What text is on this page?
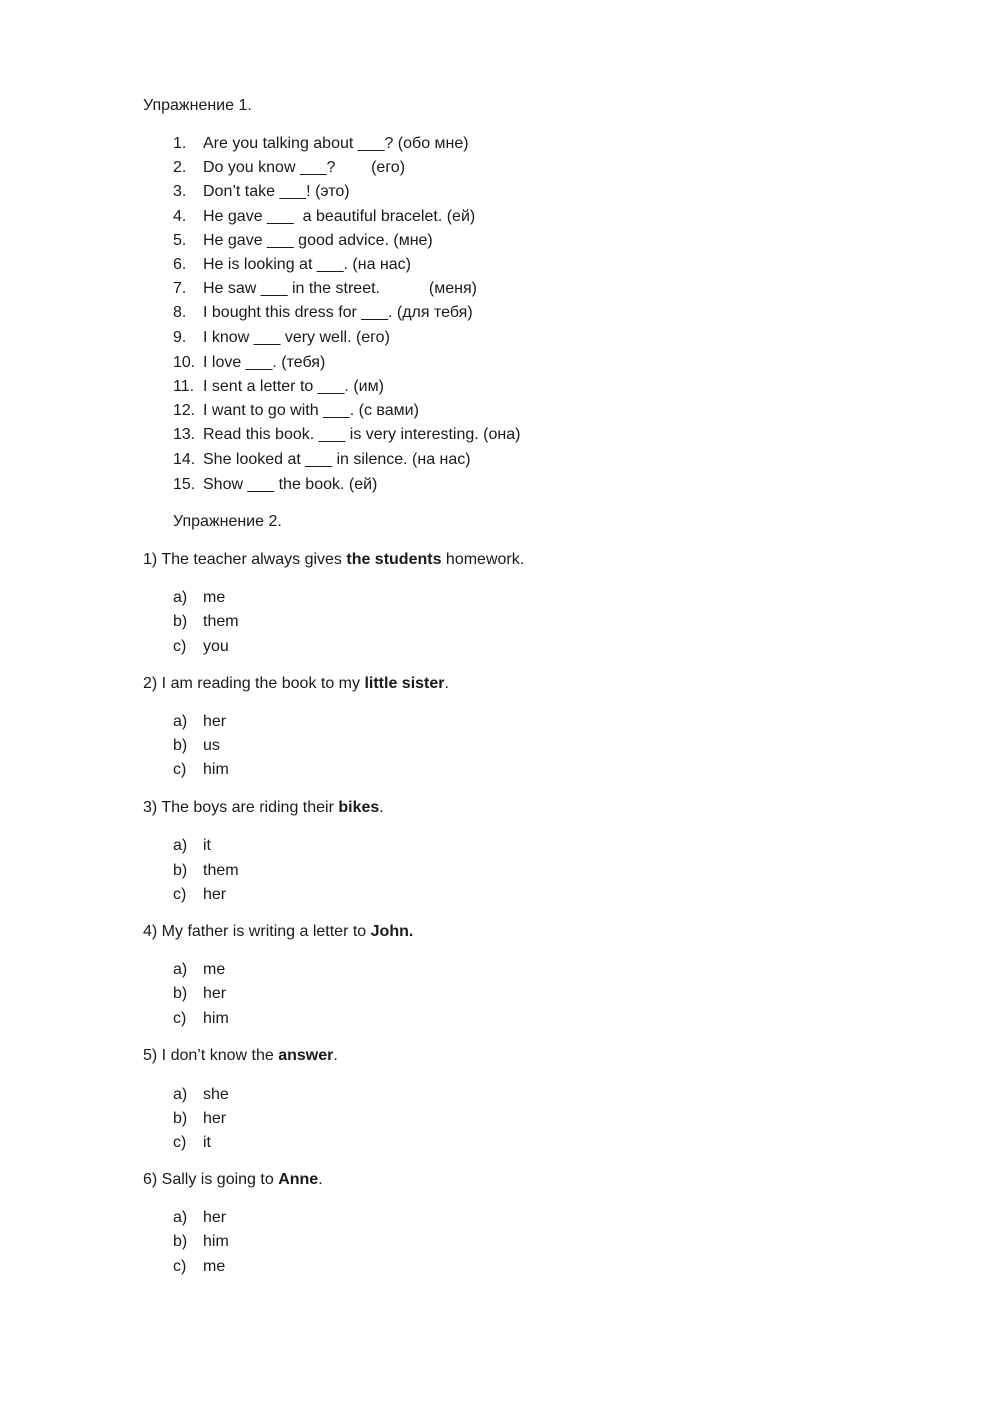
Упражнение 1.
1. Are you talking about ___? (обо мне)
2. Do you know ___?        (его)
3. Don’t take ___! (это)
4. He gave ___  a beautiful bracelet. (ей)
5. He gave ___ good advice. (мне)
6. He is looking at ___. (на нас)
7. He saw ___ in the street.           (меня)
8. I bought this dress for ___. (для тебя)
9. I know ___ very well. (его)
10. I love ___. (тебя)
11. I sent a letter to ___. (им)
12. I want to go with ___. (с вами)
13. Read this book. ___ is very interesting. (она)
14. She looked at ___ in silence. (на нас)
15. Show ___ the book. (ей)
Упражнение 2.
1) The teacher always gives the students homework.
a) me
b) them
c) you
2) I am reading the book to my little sister.
a) her
b) us
c) him
3) The boys are riding their bikes.
a) it
b) them
c) her
4) My father is writing a letter to John.
a) me
b) her
c) him
5) I don’t know the answer.
a) she
b) her
c) it
6) Sally is going to Anne.
a) her
b) him
c) me
